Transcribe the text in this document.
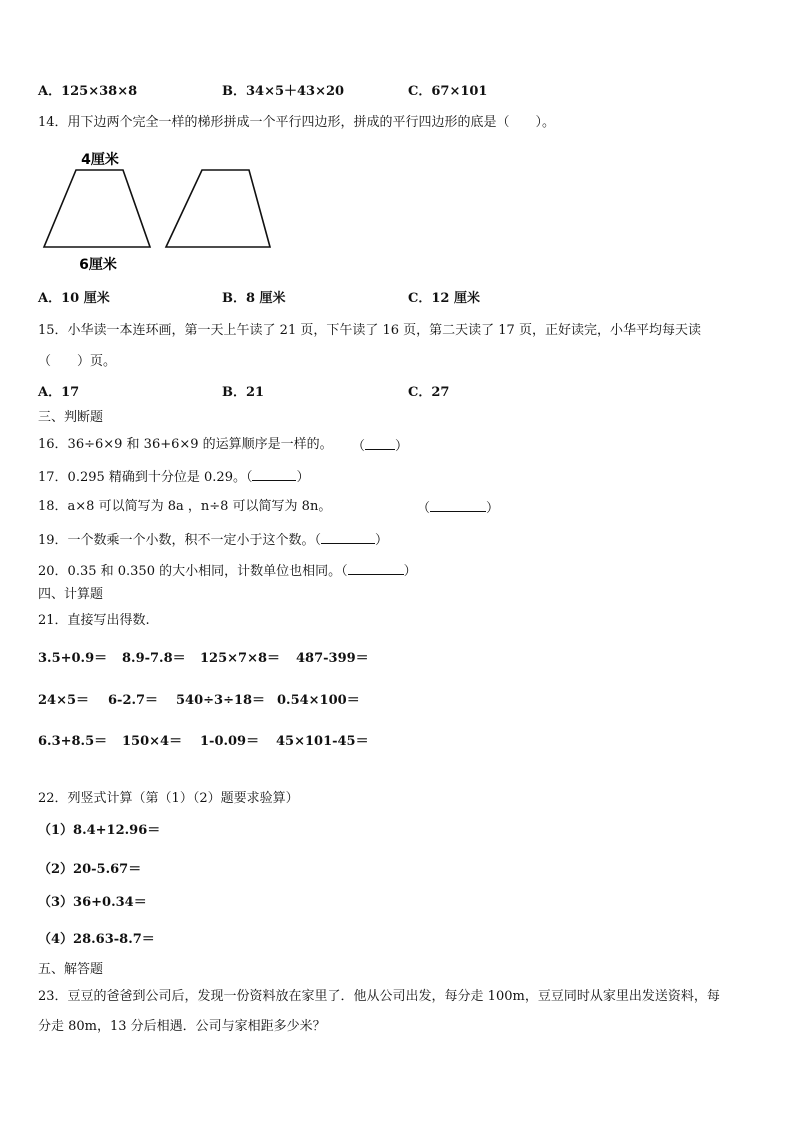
A．125×38×8	B．34×5＋43×20	C．67×101
14．用下边两个完全一样的梯形拼成一个平行四边形，拼成的平行四边形的底是（　　）。
4厘米
6厘米
A．10 厘米	B．8 厘米	C．12 厘米
15．小华读一本连环画，第一天上午读了 21 页，下午读了 16 页，第二天读了 17 页，正好读完，小华平均每天读
（　　）页。
A．17	B．21	C．27
三、判断题
16．36÷6×9 和 36+6×9 的运算顺序是一样的。 （ ）
17．0.295 精确到十分位是 0.29。（	）
18．a×8 可以简写为 8a ，n÷8 可以简写为 8n。	（	）
19．一个数乘一个小数，积不一定小于这个数。（	）
20．0.35 和 0.350 的大小相同，计数单位也相同。（	）
四、计算题
21．直接写出得数.
3.5+0.9＝ 8.9-7.8＝ 125×7×8＝ 487-399＝
24×5＝ 6-2.7＝ 540÷3÷18＝ 0.54×100＝
6.3+8.5＝ 150×4＝ 1-0.09＝ 45×101-45＝
22．列竖式计算（第（1）（2）题要求验算）
（1）8.4+12.96＝
（2）20-5.67＝
（3）36+0.34＝
（4）28.63-8.7＝
五、解答题
23．豆豆的爸爸到公司后，发现一份资料放在家里了．他从公司出发，每分走 100m，豆豆同时从家里出发送资料，每
分走 80m，13 分后相遇．公司与家相距多少米？
